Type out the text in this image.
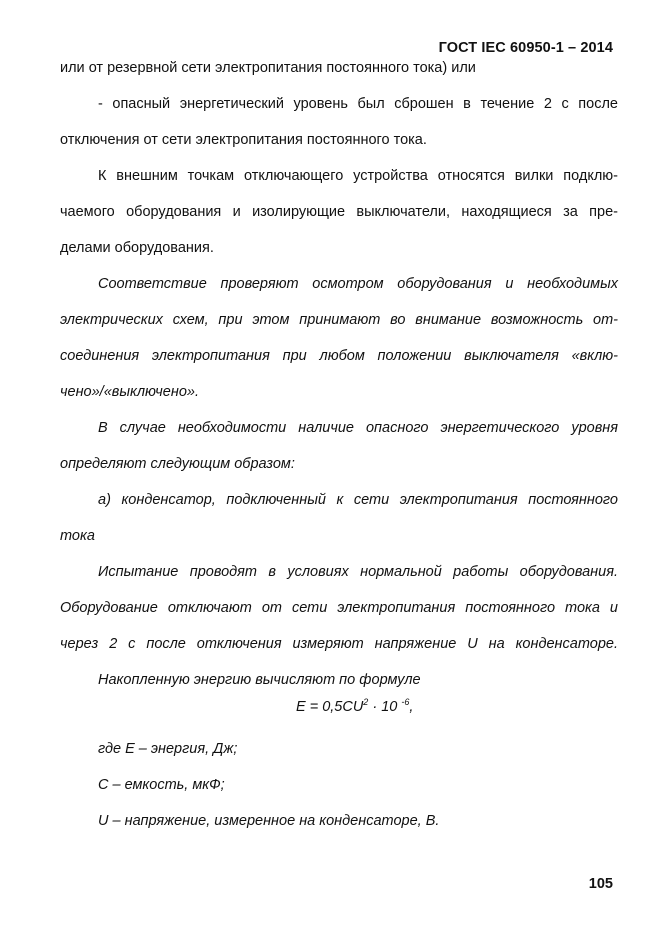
ГОСТ IEC 60950-1 – 2014
или от резервной сети электропитания постоянного тока) или
- опасный энергетический уровень был сброшен в течение 2 с после
отключения от сети электропитания постоянного тока.
К внешним точкам отключающего устройства относятся вилки подклю-
чаемого оборудования и изолирующие выключатели, находящиеся за пре-
делами оборудования.
Соответствие проверяют осмотром оборудования и необходимых
электрических схем, при этом принимают во внимание возможность от-
соединения электропитания при любом положении выключателя «вклю-
чено»/«выключено».
В случае необходимости наличие опасного энергетического уровня
определяют следующим образом:
а) конденсатор, подключенный к сети электропитания постоянного
тока
Испытание проводят в условиях нормальной работы оборудования.
Оборудование отключают от сети электропитания постоянного тока и
через 2 с после отключения измеряют напряжение U на конденсаторе.
Накопленную энергию вычисляют по формуле
$E = 0,5CU^2 \cdot 10$ $^{-6}$,
где E – энергия, Дж;
C – емкость, мкФ;
U – напряжение, измеренное на конденсаторе, В.
105
